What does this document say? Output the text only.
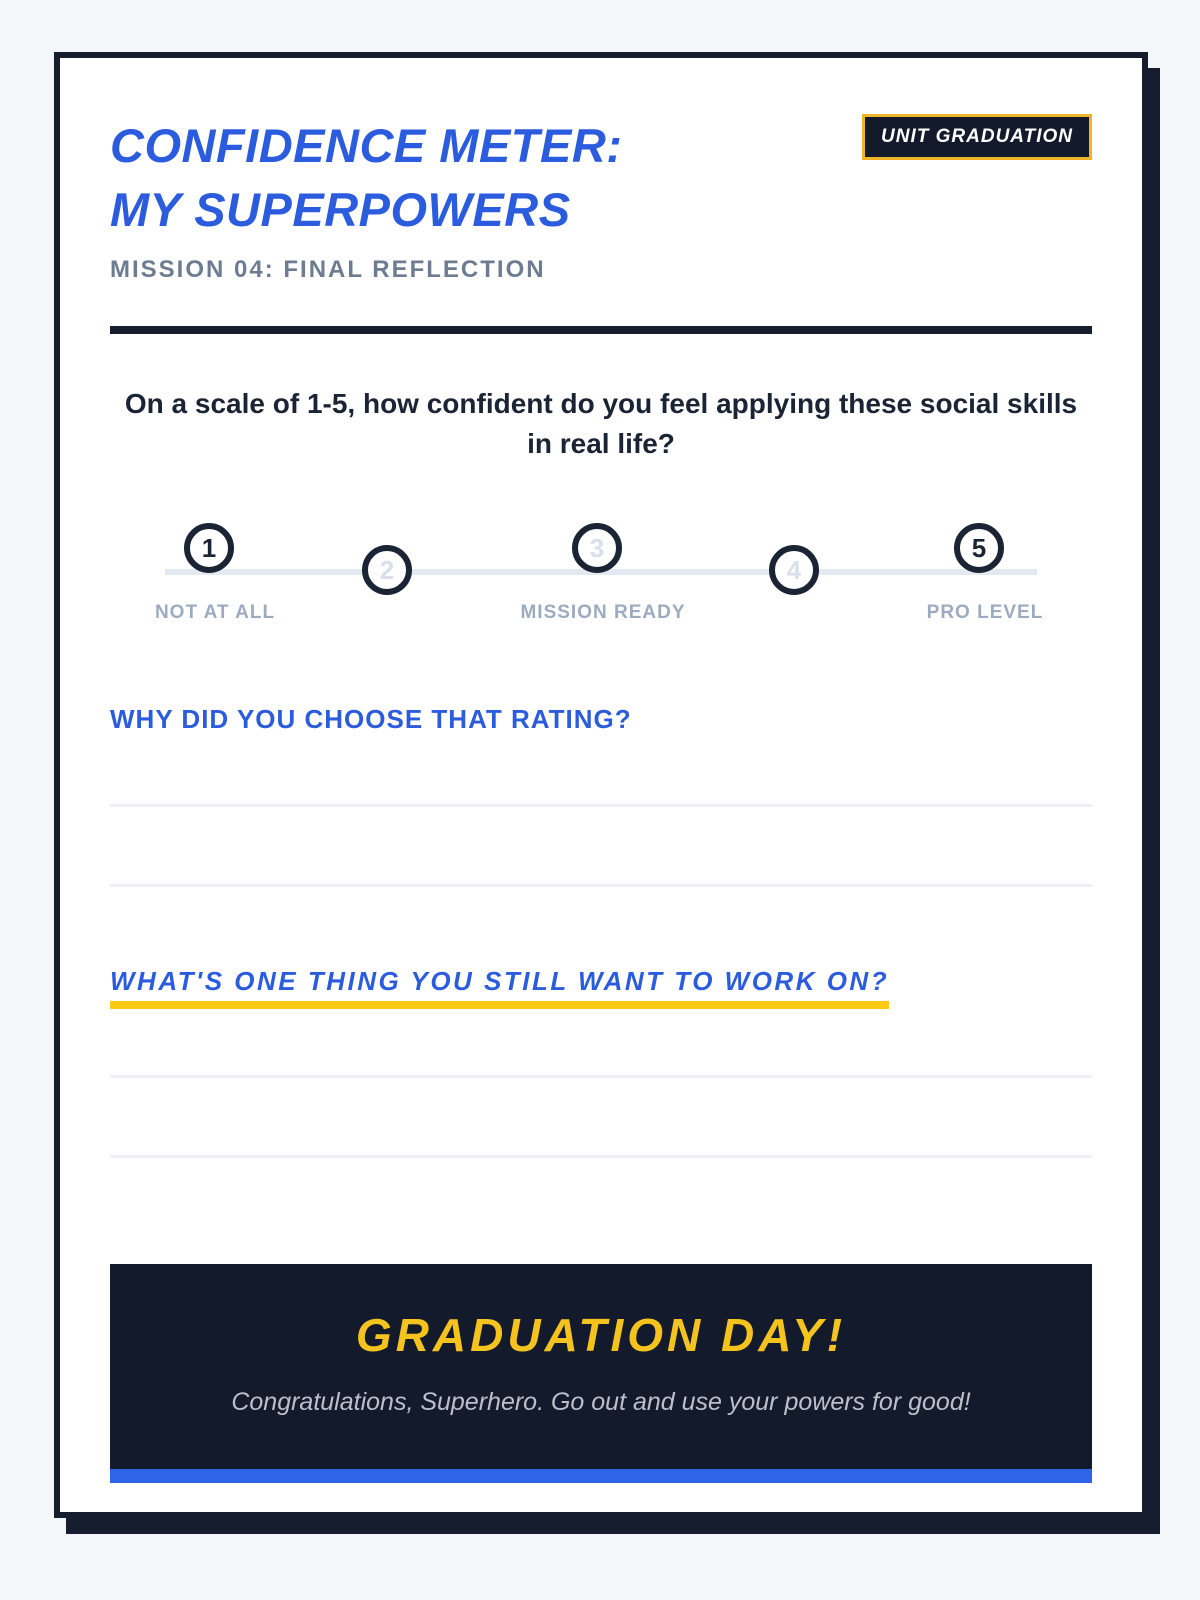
UNIT GRADUATION
CONFIDENCE METER:
MY SUPERPOWERS
MISSION 04: FINAL REFLECTION
On a scale of 1-5, how confident do you feel applying these social skills in real life?
1
2
3
4
5
NOT AT ALL	MISSION READY	PRO LEVEL
WHY DID YOU CHOOSE THAT RATING?
WHAT'S ONE THING YOU STILL WANT TO WORK ON?
GRADUATION DAY!
Congratulations, Superhero. Go out and use your powers for good!
